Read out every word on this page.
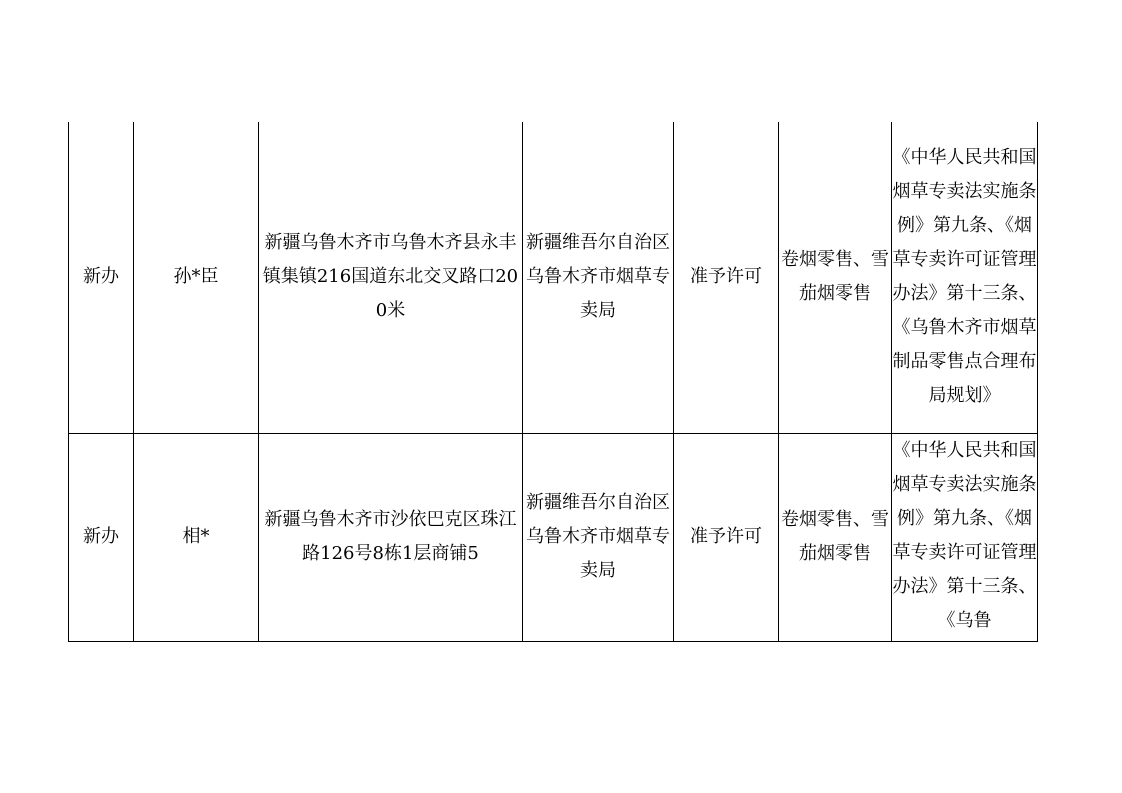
新办	孙*臣	新疆乌鲁木齐市乌鲁木齐县永丰镇集镇216国道东北交叉路口200米	新疆维吾尔自治区乌鲁木齐市烟草专卖局	准予许可	卷烟零售、雪茄烟零售	《中华人民共和国烟草专卖法实施条例》第九条、《烟草专卖许可证管理办法》第十三条、《乌鲁木齐市烟草制品零售点合理布局规划》

新办	相*	新疆乌鲁木齐市沙依巴克区珠江路126号8栋1层商铺5	新疆维吾尔自治区乌鲁木齐市烟草专卖局	准予许可	卷烟零售、雪茄烟零售	《中华人民共和国烟草专卖法实施条例》第九条、《烟草专卖许可证管理办法》第十三条、《乌鲁
